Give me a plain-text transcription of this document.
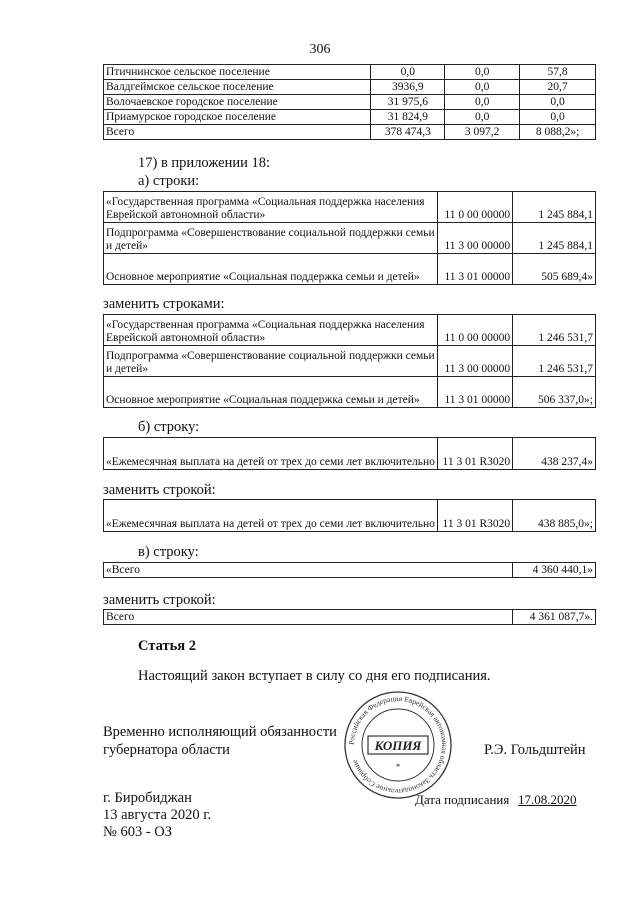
306
Птичнинское сельское поселение	0,0	0,0	57,8
Валдгеймское сельское поселение	3936,9	0,0	20,7
Волочаевское городское поселение	31 975,6	0,0	0,0
Приамурское городское поселение	31 824,9	0,0	0,0
Всего	378 474,3	3 097,2	8 088,2»;
17) в приложении 18:
а) строки:
«Государственная программа «Социальная поддержка населения Еврейской автономной области»	11 0 00 00000	1 245 884,1
Подпрограмма «Совершенствование социальной поддержки семьи и детей»	11 3 00 00000	1 245 884,1
Основное мероприятие «Социальная поддержка семьи и детей»	11 3 01 00000	505 689,4»
заменить строками:
«Государственная программа «Социальная поддержка населения Еврейской автономной области»	11 0 00 00000	1 246 531,7
Подпрограмма «Совершенствование социальной поддержки семьи и детей»	11 3 00 00000	1 246 531,7
Основное мероприятие «Социальная поддержка семьи и детей»	11 3 01 00000	506 337,0»;
б) строку:
«Ежемесячная выплата на детей от трех до семи лет включительно	11 3 01 R3020	438 237,4»
заменить строкой:
«Ежемесячная выплата на детей от трех до семи лет включительно	11 3 01 R3020	438 885,0»;
в) строку:
«Всего	4 360 440,1»
заменить строкой:
Всего	4 361 087,7».
Статья 2
Настоящий закон вступает в силу со дня его подписания.
Временно исполняющий обязанности
губернатора области	Р.Э. Гольдштейн
Российская Федерация Еврейская автономная область Законодательное Собрание
КОПИЯ
*
г. Биробиджан
13 августа 2020 г.
№ 603 - ОЗ
Дата подписания 17.08.2020
